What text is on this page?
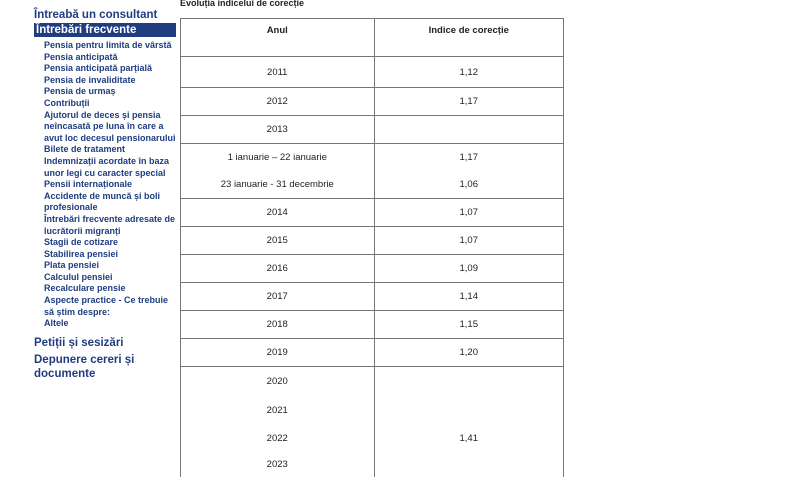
Întreabă un consultant
Întrebări frecvente
Pensia pentru limita de vârstă
Pensia anticipată
Pensia anticipată parțială
Pensia de invaliditate
Pensia de urmaș
Contribuții
Ajutorul de deces și pensia neîncasată pe luna în care a avut loc decesul pensionarului
Bilete de tratament
Indemnizații acordate în baza unor legi cu caracter special
Pensii internaționale
Accidente de muncă și boli profesionale
Întrebări frecvente adresate de lucrătorii migranți
Stagii de cotizare
Stabilirea pensiei
Plata pensiei
Calculul pensiei
Recalculare pensie
Aspecte practice - Ce trebuie să știm despre:
Altele
Petiții și sesizări
Depunere cereri și documente
Evoluția indicelui de corecție
Anul	Indice de corecție
2011	1,12
2012	1,17
2013	
1 ianuarie – 22 ianuarie	1,17
23 ianuarie - 31 decembrie	1,06
2014	1,07
2015	1,07
2016	1,09
2017	1,14
2018	1,15
2019	1,20
2020	
2021	
2022	1,41
2023	
